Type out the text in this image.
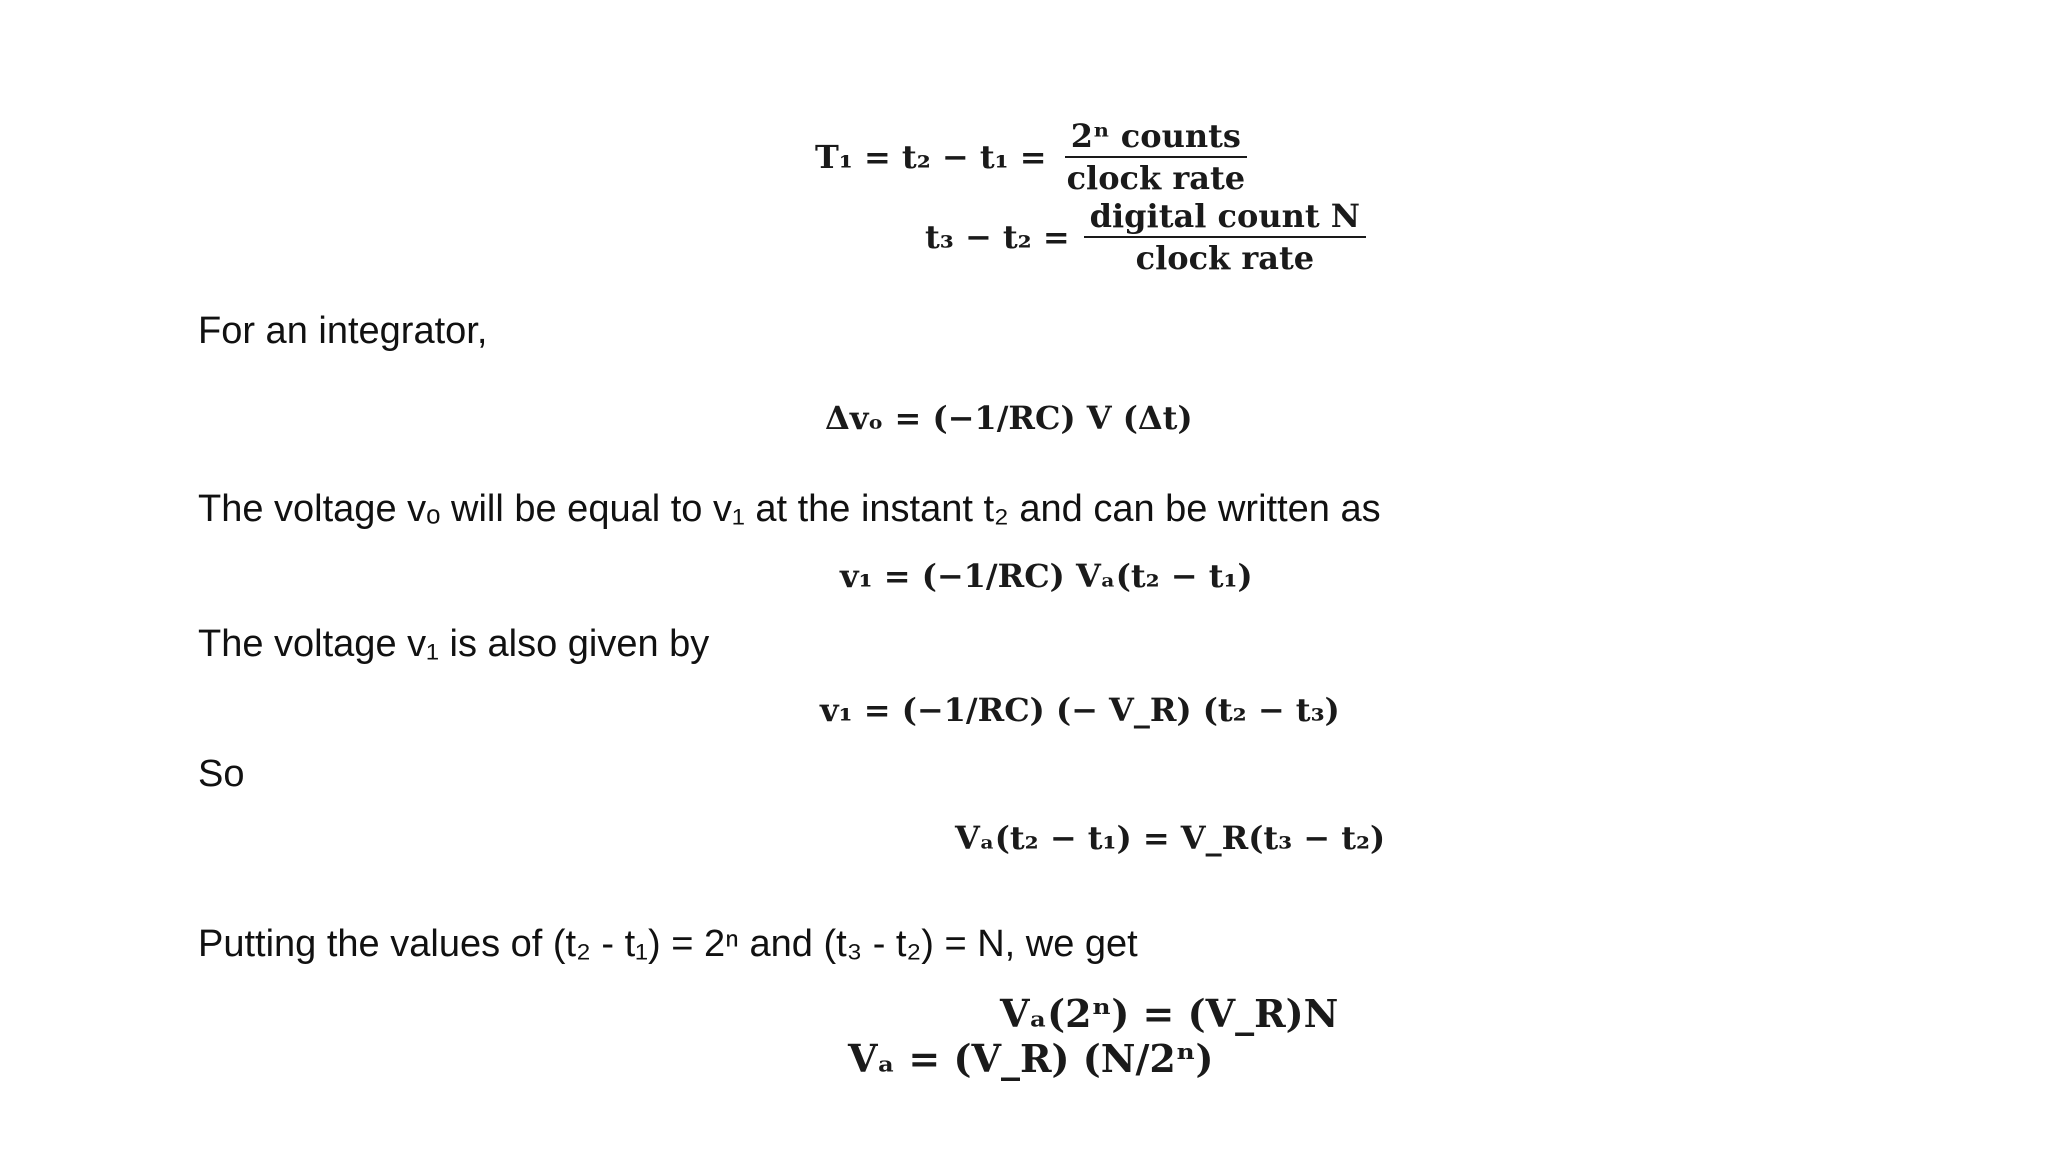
$T_1 = t_2 - t_1 = \frac{\text{2ⁿ counts}}{\text{clock rate}}$
$t_3 - t_2 = \frac{\text{digital count N}}{\text{clock rate}}$
For an integrator,
Δvₒ = (−1/RC) V (Δt)
The voltage vₒ will be equal to v₁ at the instant t₂ and can be written as
v₁ = (−1/RC) Vₐ(t₂ − t₁)
The voltage v₁ is also given by
v₁ = (−1/RC) (− V_R) (t₂ − t₃)
So
Vₐ(t₂ − t₁) = V_R(t₃ − t₂)
Putting the values of (t₂ - t₁) = 2ⁿ and (t₃ - t₂) = N, we get
Vₐ(2ⁿ) = (V_R)N
Vₐ = (V_R) (N/2ⁿ)
